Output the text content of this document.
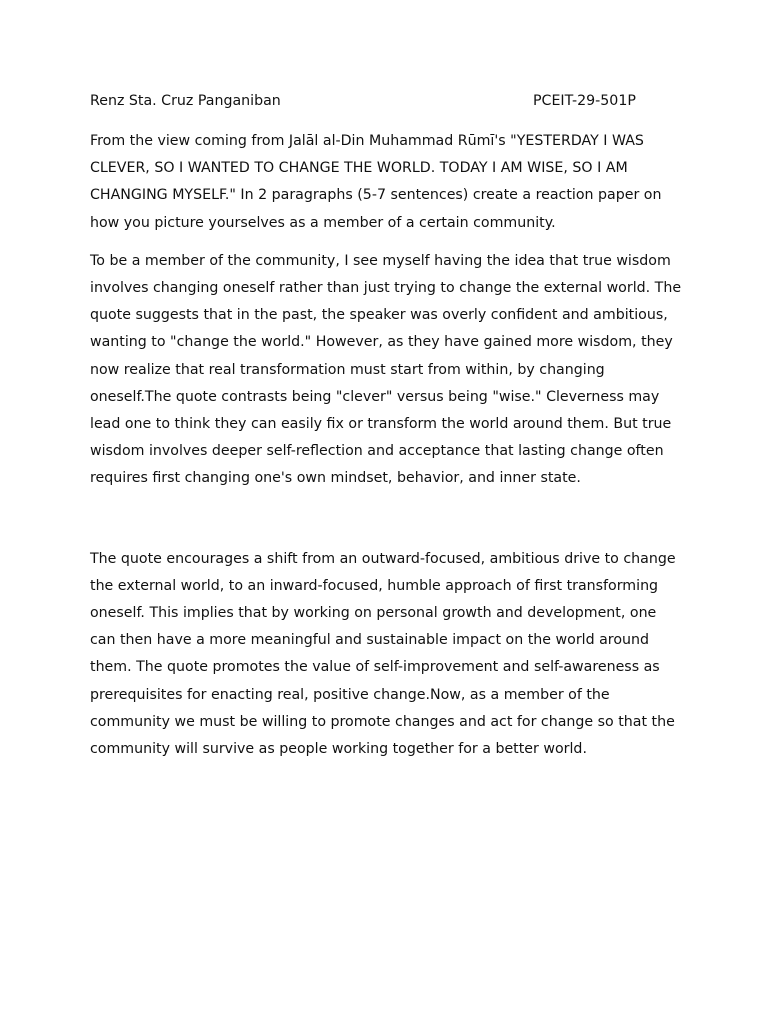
Renz Sta. Cruz Panganiban	PCEIT-29-501P

From the view coming from Jalāl al-Din Muhammad Rūmī's "YESTERDAY I WAS CLEVER, SO I WANTED TO CHANGE THE WORLD. TODAY I AM WISE, SO I AM CHANGING MYSELF." In 2 paragraphs (5-7 sentences) create a reaction paper on how you picture yourselves as a member of a certain community.

To be a member of the community, I see myself having the idea that true wisdom involves changing oneself rather than just trying to change the external world. The quote suggests that in the past, the speaker was overly confident and ambitious, wanting to "change the world." However, as they have gained more wisdom, they now realize that real transformation must start from within, by changing oneself.The quote contrasts being "clever" versus being "wise." Cleverness may lead one to think they can easily fix or transform the world around them. But true wisdom involves deeper self-reflection and acceptance that lasting change often requires first changing one's own mindset, behavior, and inner state.

The quote encourages a shift from an outward-focused, ambitious drive to change the external world, to an inward-focused, humble approach of first transforming oneself. This implies that by working on personal growth and development, one can then have a more meaningful and sustainable impact on the world around them. The quote promotes the value of self-improvement and self-awareness as prerequisites for enacting real, positive change.Now, as a member of the community we must be willing to promote changes and act for change so that the community will survive as people working together for a better world.
